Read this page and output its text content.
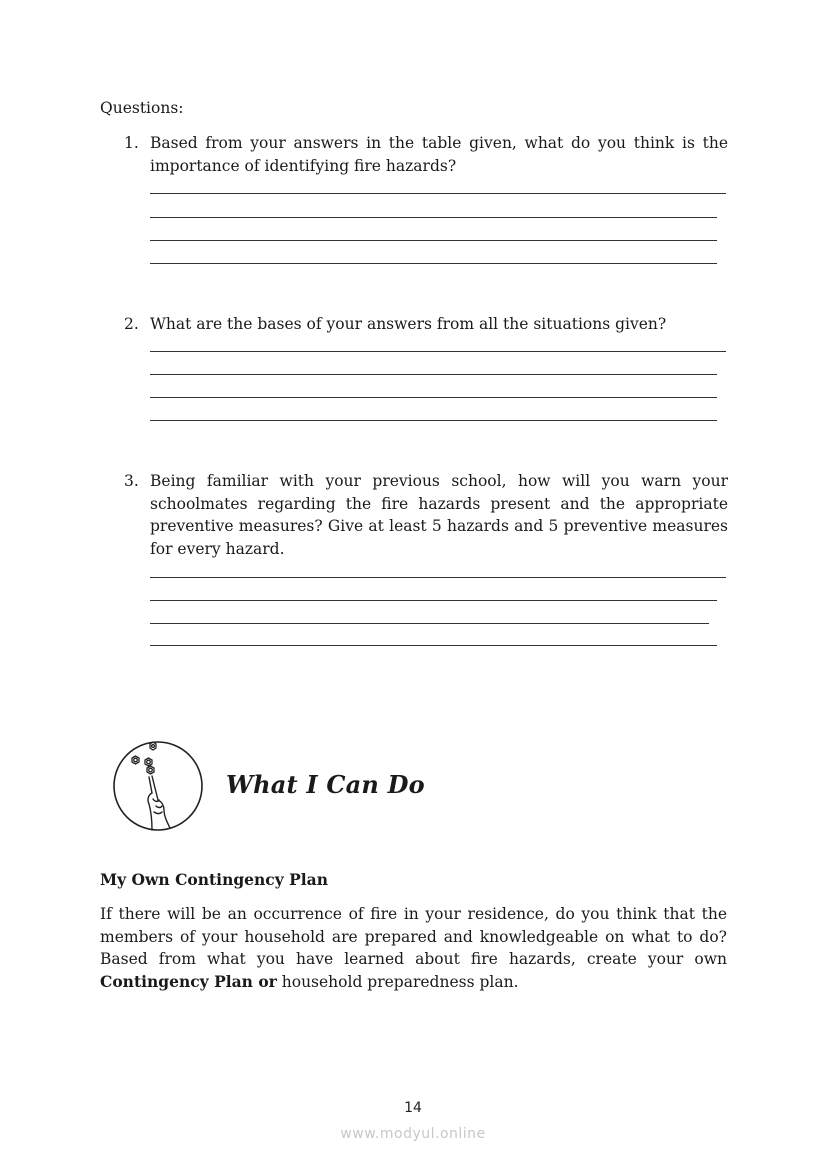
Questions:
1. Based from your answers in the table given, what do you think is the importance of identifying fire hazards?
2. What are the bases of your answers from all the situations given?
3. Being familiar with your previous school, how will you warn your schoolmates regarding the fire hazards present and the appropriate preventive measures? Give at least 5 hazards and 5 preventive measures for every hazard.
What I Can Do
My Own Contingency Plan
If there will be an occurrence of fire in your residence, do you think that the members of your household are prepared and knowledgeable on what to do? Based from what you have learned about fire hazards, create your own Contingency Plan or household preparedness plan.
14
www.modyul.online
